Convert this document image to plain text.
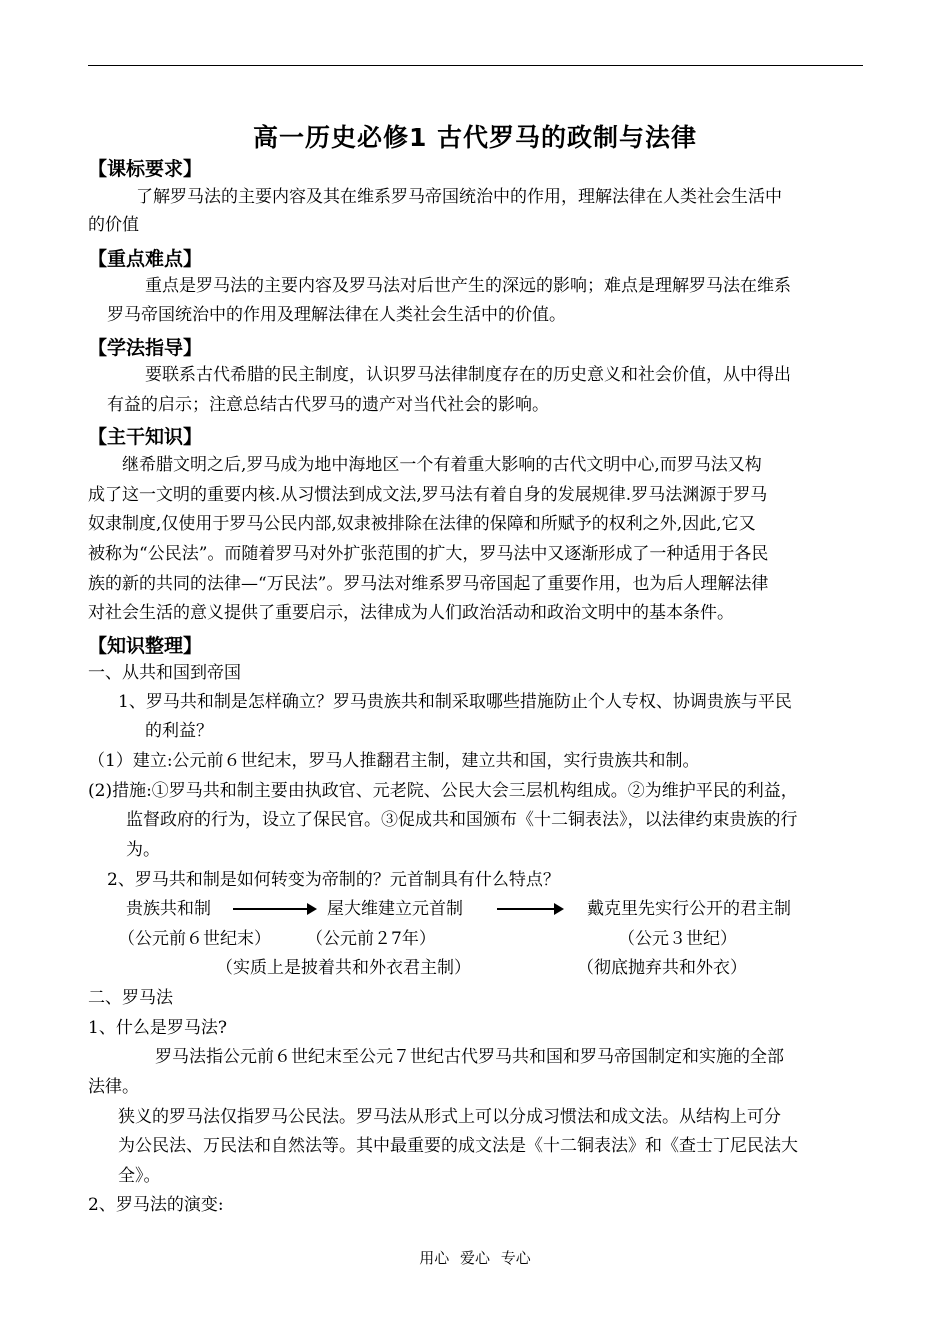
高一历史必修1 古代罗马的政制与法律
【课标要求】
了解罗马法的主要内容及其在维系罗马帝国统治中的作用，理解法律在人类社会生活中
的价值
【重点难点】
重点是罗马法的主要内容及罗马法对后世产生的深远的影响；难点是理解罗马法在维系
罗马帝国统治中的作用及理解法律在人类社会生活中的价值。
【学法指导】
要联系古代希腊的民主制度，认识罗马法律制度存在的历史意义和社会价值，从中得出
有益的启示；注意总结古代罗马的遗产对当代社会的影响。
【主干知识】
继希腊文明之后,罗马成为地中海地区一个有着重大影响的古代文明中心,而罗马法又构
成了这一文明的重要内核.从习惯法到成文法,罗马法有着自身的发展规律.罗马法渊源于罗马
奴隶制度,仅使用于罗马公民内部,奴隶被排除在法律的保障和所赋予的权利之外,因此,它又
被称为“公民法”。而随着罗马对外扩张范围的扩大，罗马法中又逐渐形成了一种适用于各民
族的新的共同的法律—“万民法”。罗马法对维系罗马帝国起了重要作用，也为后人理解法律
对社会生活的意义提供了重要启示，法律成为人们政治活动和政治文明中的基本条件。
【知识整理】
一、从共和国到帝国
1、罗马共和制是怎样确立？罗马贵族共和制采取哪些措施防止个人专权、协调贵族与平民
的利益？
（1）建立:公元前６世纪末，罗马人推翻君主制，建立共和国，实行贵族共和制。
(2)措施:①罗马共和制主要由执政官、元老院、公民大会三层机构组成。②为维护平民的利益，
监督政府的行为，设立了保民官。③促成共和国颁布《十二铜表法》，以法律约束贵族的行
为。
2、罗马共和制是如何转变为帝制的？元首制具有什么特点？
贵族共和制	屋大维建立元首制	戴克里先实行公开的君主制
（公元前６世纪末） （公元前２7年）	（公元３世纪）
（实质上是披着共和外衣君主制）	（彻底抛弃共和外衣）
二、罗马法
1、什么是罗马法?
罗马法指公元前６世纪末至公元７世纪古代罗马共和国和罗马帝国制定和实施的全部
法律。
狭义的罗马法仅指罗马公民法。罗马法从形式上可以分成习惯法和成文法。从结构上可分
为公民法、万民法和自然法等。其中最重要的成文法是《十二铜表法》和《查士丁尼民法大
全》。
2、罗马法的演变:
用心 爱心 专心
